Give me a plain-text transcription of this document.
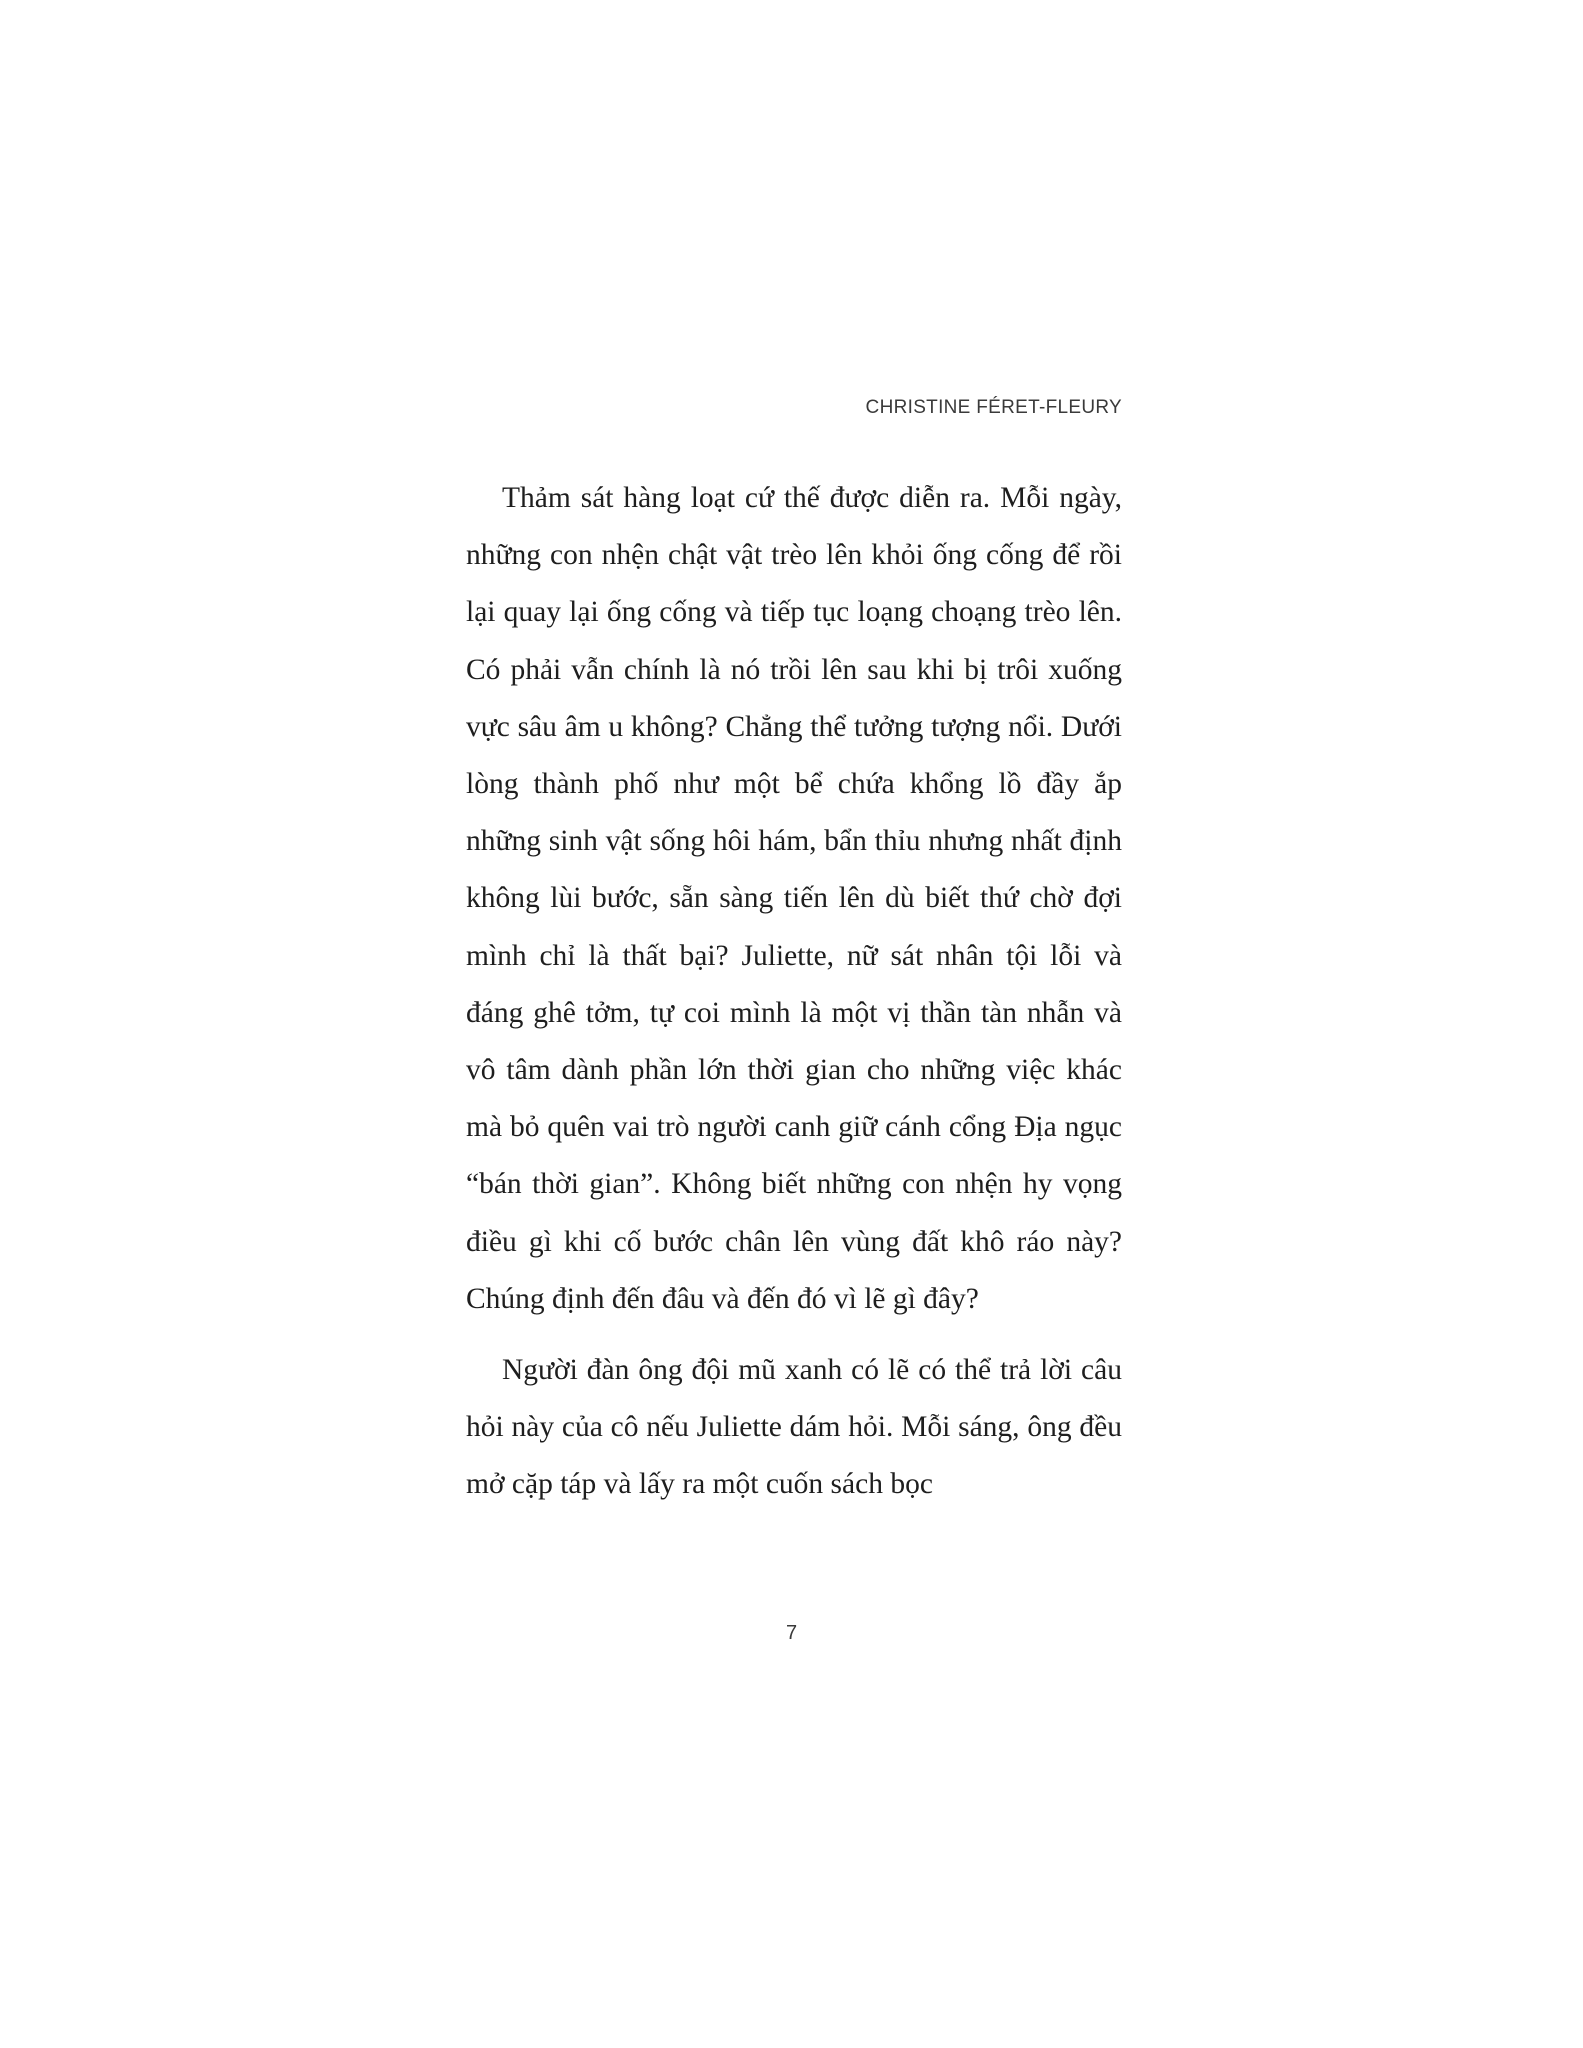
CHRISTINE FÉRET-FLEURY

Thảm sát hàng loạt cứ thế được diễn ra. Mỗi ngày, những con nhện chật vật trèo lên khỏi ống cống để rồi lại quay lại ống cống và tiếp tục loạng choạng trèo lên. Có phải vẫn chính là nó trồi lên sau khi bị trôi xuống vực sâu âm u không? Chẳng thể tưởng tượng nổi. Dưới lòng thành phố như một bể chứa khổng lồ đầy ắp những sinh vật sống hôi hám, bẩn thỉu nhưng nhất định không lùi bước, sẵn sàng tiến lên dù biết thứ chờ đợi mình chỉ là thất bại? Juliette, nữ sát nhân tội lỗi và đáng ghê tởm, tự coi mình là một vị thần tàn nhẫn và vô tâm dành phần lớn thời gian cho những việc khác mà bỏ quên vai trò người canh giữ cánh cổng Địa ngục “bán thời gian”. Không biết những con nhện hy vọng điều gì khi cố bước chân lên vùng đất khô ráo này? Chúng định đến đâu và đến đó vì lẽ gì đây?

Người đàn ông đội mũ xanh có lẽ có thể trả lời câu hỏi này của cô nếu Juliette dám hỏi. Mỗi sáng, ông đều mở cặp táp và lấy ra một cuốn sách bọc

7
